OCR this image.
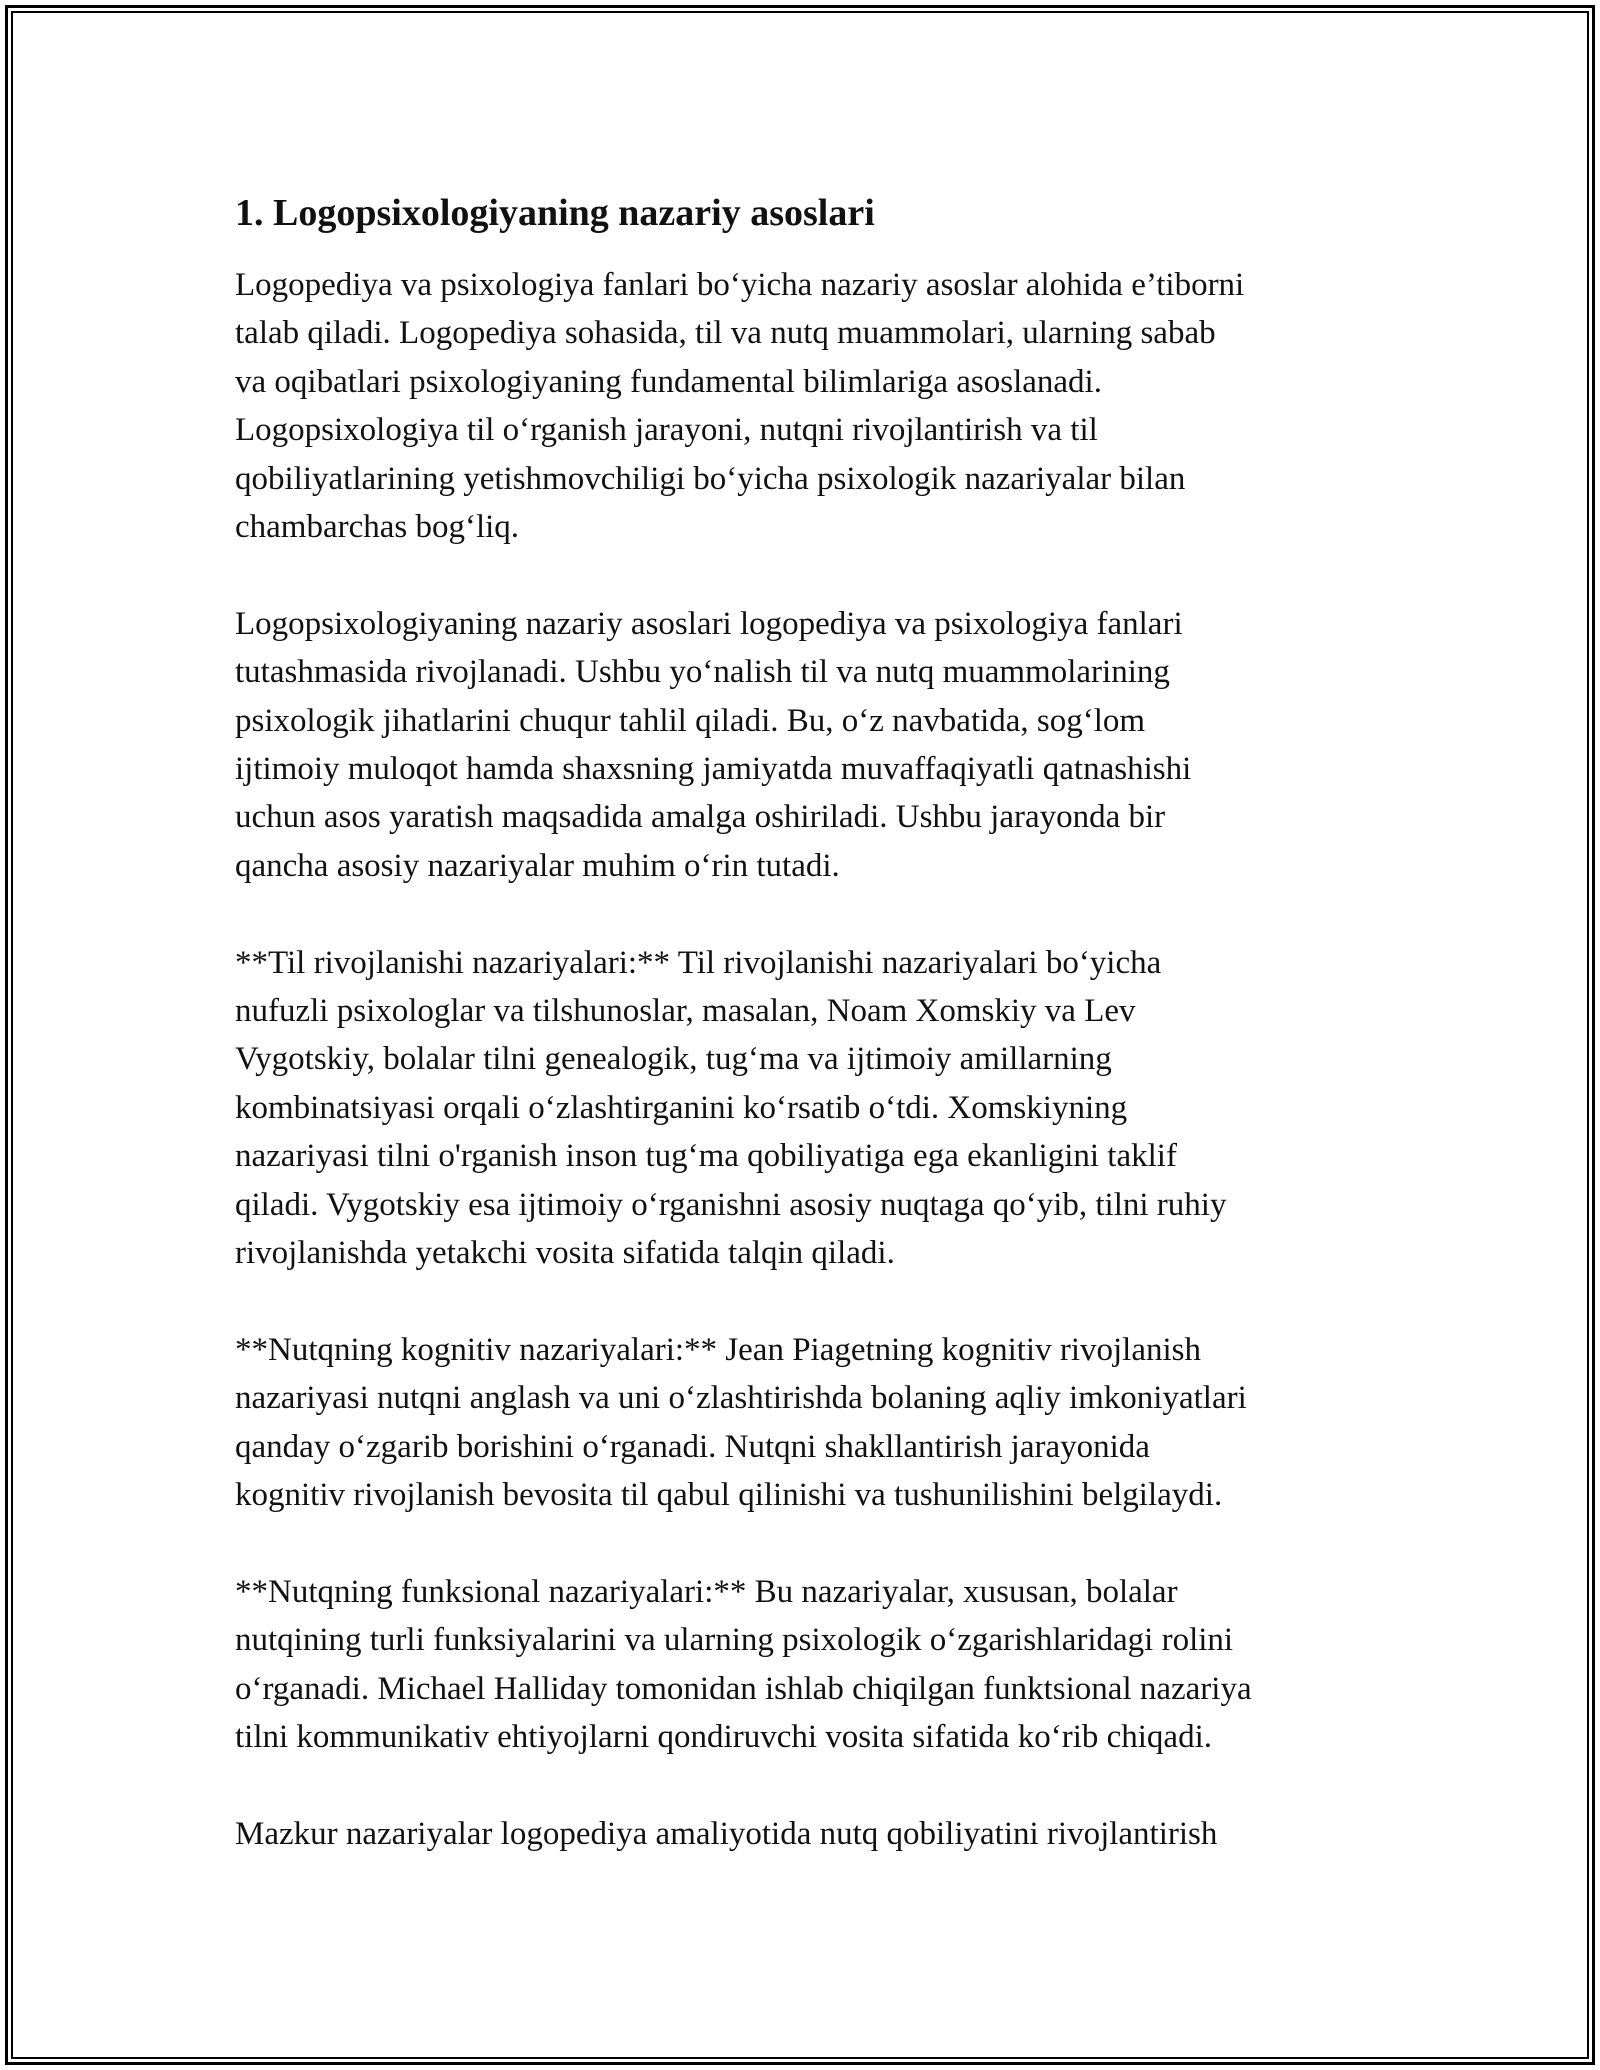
1. Logopsixologiyaning nazariy asoslari
Logopediya va psixologiya fanlari bo‘yicha nazariy asoslar alohida e’tiborni
talab qiladi. Logopediya sohasida, til va nutq muammolari, ularning sabab
va oqibatlari psixologiyaning fundamental bilimlariga asoslanadi.
Logopsixologiya til o‘rganish jarayoni, nutqni rivojlantirish va til
qobiliyatlarining yetishmovchiligi bo‘yicha psixologik nazariyalar bilan
chambarchas bog‘liq.
Logopsixologiyaning nazariy asoslari logopediya va psixologiya fanlari
tutashmasida rivojlanadi. Ushbu yo‘nalish til va nutq muammolarining
psixologik jihatlarini chuqur tahlil qiladi. Bu, o‘z navbatida, sog‘lom
ijtimoiy muloqot hamda shaxsning jamiyatda muvaffaqiyatli qatnashishi
uchun asos yaratish maqsadida amalga oshiriladi. Ushbu jarayonda bir
qancha asosiy nazariyalar muhim o‘rin tutadi.
**Til rivojlanishi nazariyalari:** Til rivojlanishi nazariyalari bo‘yicha
nufuzli psixologlar va tilshunoslar, masalan, Noam Xomskiy va Lev
Vygotskiy, bolalar tilni genealogik, tug‘ma va ijtimoiy amillarning
kombinatsiyasi orqali o‘zlashtirganini ko‘rsatib o‘tdi. Xomskiyning
nazariyasi tilni o'rganish inson tug‘ma qobiliyatiga ega ekanligini taklif
qiladi. Vygotskiy esa ijtimoiy o‘rganishni asosiy nuqtaga qo‘yib, tilni ruhiy
rivojlanishda yetakchi vosita sifatida talqin qiladi.
**Nutqning kognitiv nazariyalari:** Jean Piagetning kognitiv rivojlanish
nazariyasi nutqni anglash va uni o‘zlashtirishda bolaning aqliy imkoniyatlari
qanday o‘zgarib borishini o‘rganadi. Nutqni shakllantirish jarayonida
kognitiv rivojlanish bevosita til qabul qilinishi va tushunilishini belgilaydi.
**Nutqning funksional nazariyalari:** Bu nazariyalar, xususan, bolalar
nutqining turli funksiyalarini va ularning psixologik o‘zgarishlaridagi rolini
o‘rganadi. Michael Halliday tomonidan ishlab chiqilgan funktsional nazariya
tilni kommunikativ ehtiyojlarni qondiruvchi vosita sifatida ko‘rib chiqadi.
Mazkur nazariyalar logopediya amaliyotida nutq qobiliyatini rivojlantirish
